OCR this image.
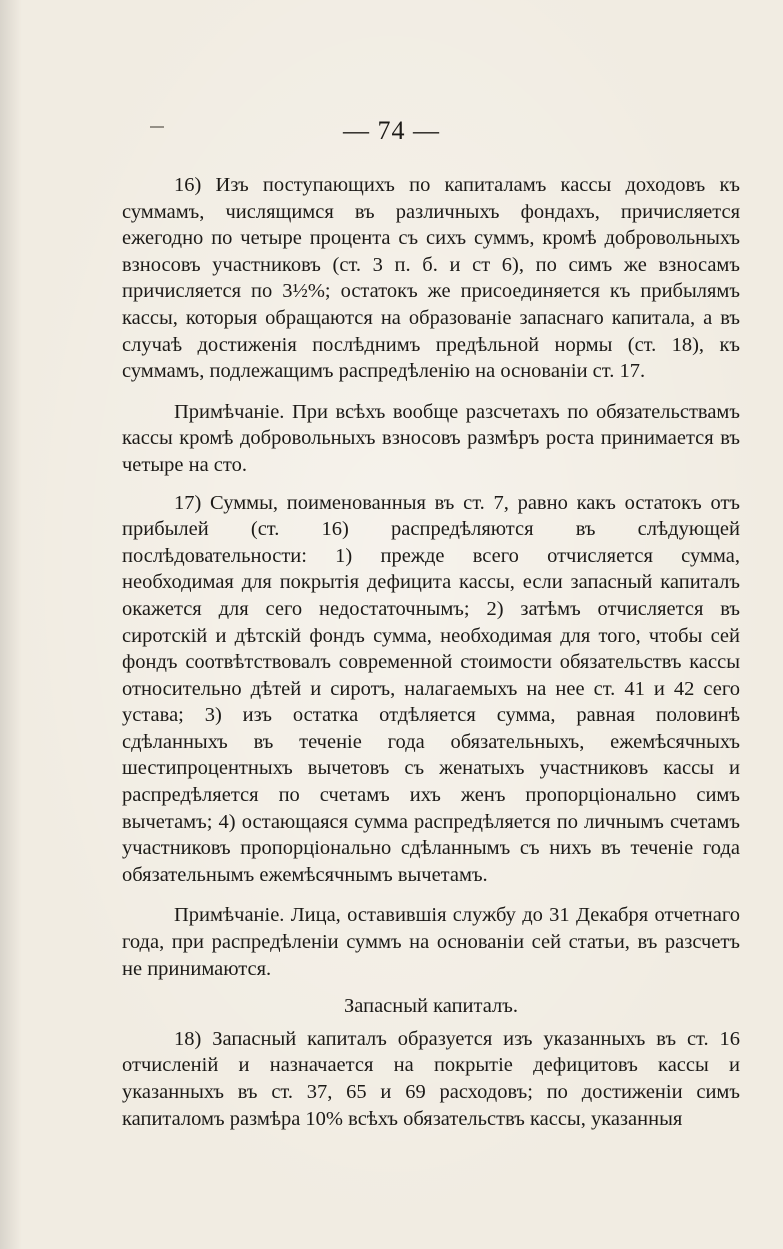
— 74 —

16) Изъ поступающихъ по капиталамъ кассы доходовъ къ суммамъ, числящимся въ различныхъ фондахъ, причисляется ежегодно по четыре процента съ сихъ суммъ, кромѣ добровольныхъ взносовъ участниковъ (ст. 3 п. б. и ст 6), по симъ же взносамъ причисляется по 3½%; остатокъ же присоединяется къ прибылямъ кассы, которыя обращаются на образованіе запаснаго капитала, а въ случаѣ достиженія послѣднимъ предѣльной нормы (ст. 18), къ суммамъ, подлежащимъ распредѣленію на основаніи ст. 17.

Примѣчаніе. При всѣхъ вообще разсчетахъ по обязательствамъ кассы кромѣ добровольныхъ взносовъ размѣръ роста принимается въ четыре на сто.

17) Суммы, поименованныя въ ст. 7, равно какъ остатокъ отъ прибылей (ст. 16) распредѣляются въ слѣдующей послѣдовательности: 1) прежде всего отчисляется сумма, необходимая для покрытія дефицита кассы, если запасный капиталъ окажется для сего недостаточнымъ; 2) затѣмъ отчисляется въ сиротскій и дѣтскій фондъ сумма, необходимая для того, чтобы сей фондъ соотвѣтствовалъ современной стоимости обязательствъ кассы относительно дѣтей и сиротъ, налагаемыхъ на нее ст. 41 и 42 сего устава; 3) изъ остатка отдѣляется сумма, равная половинѣ сдѣланныхъ въ теченіе года обязательныхъ, ежемѣсячныхъ шестипроцентныхъ вычетовъ съ женатыхъ участниковъ кассы и распредѣляется по счетамъ ихъ женъ пропорціонально симъ вычетамъ; 4) остающаяся сумма распредѣляется по личнымъ счетамъ участниковъ пропорціонально сдѣланнымъ съ нихъ въ теченіе года обязательнымъ ежемѣсячнымъ вычетамъ.

Примѣчаніе. Лица, оставившія службу до 31 Декабря отчетнаго года, при распредѣленіи суммъ на основаніи сей статьи, въ разсчетъ не принимаются.

Запасный капиталъ.

18) Запасный капиталъ образуется изъ указанныхъ въ ст. 16 отчисленій и назначается на покрытіе дефицитовъ кассы и указанныхъ въ ст. 37, 65 и 69 расходовъ; по достиженіи симъ капиталомъ размѣра 10% всѣхъ обязательствъ кассы, указанныя
